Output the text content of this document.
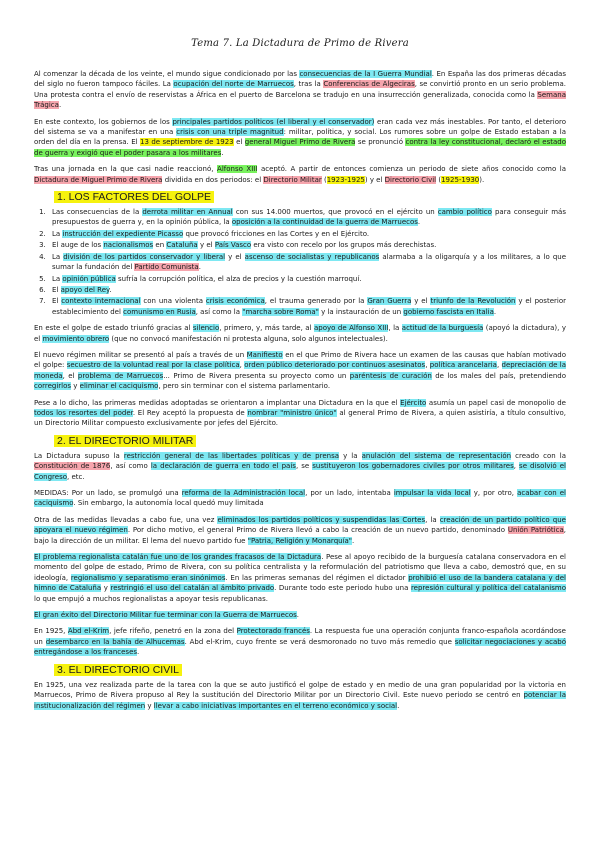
Tema 7. La Dictadura de Primo de Rivera

Al comenzar la década de los veinte, el mundo sigue condicionado por las consecuencias de la I Guerra Mundial. En España las dos primeras décadas del siglo no fueron tampoco fáciles. La ocupación del norte de Marruecos, tras la Conferencias de Algeciras, se convirtió pronto en un serio problema. Una protesta contra el envío de reservistas a África en el puerto de Barcelona se tradujo en una insurrección generalizada, conocida como la Semana Trágica.

En este contexto, los gobiernos de los principales partidos políticos (el liberal y el conservador) eran cada vez más inestables. Por tanto, el deterioro del sistema se va a manifestar en una crisis con una triple magnitud: militar, política, y social. Los rumores sobre un golpe de Estado estaban a la orden del día en la prensa. El 13 de septiembre de 1923 el general Miguel Primo de Rivera se pronunció contra la ley constitucional, declaró el estado de guerra y exigió que el poder pasara a los militares.

Tras una jornada en la que casi nadie reaccionó, Alfonso XIII aceptó. A partir de entonces comienza un periodo de siete años conocido como la Dictadura de Miguel Primo de Rivera dividida en dos periodos: el Directorio Militar (1923-1925) y el Directorio Civil (1925-1930).

1. LOS FACTORES DEL GOLPE
1. Las consecuencias de la derrota militar en Annual con sus 14.000 muertos, que provocó en el ejército un cambio político para conseguir más presupuestos de guerra y, en la opinión pública, la oposición a la continuidad de la guerra de Marruecos.
2. La instrucción del expediente Picasso que provocó fricciones en las Cortes y en el Ejército.
3. El auge de los nacionalismos en Cataluña y el País Vasco era visto con recelo por los grupos más derechistas.
4. La división de los partidos conservador y liberal y el ascenso de socialistas y republicanos alarmaba a la oligarquía y a los militares, a lo que sumar la fundación del Partido Comunista.
5. La opinión pública sufría la corrupción política, el alza de precios y la cuestión marroquí.
6. El apoyo del Rey.
7. El contexto internacional con una violenta crisis económica, el trauma generado por la Gran Guerra y el triunfo de la Revolución y el posterior establecimiento del comunismo en Rusia, así como la "marcha sobre Roma" y la instauración de un gobierno fascista en Italia.

En este el golpe de estado triunfó gracias al silencio, primero, y, más tarde, al apoyo de Alfonso XIII, la actitud de la burguesía (apoyó la dictadura), y el movimiento obrero (que no convocó manifestación ni protesta alguna, solo algunos intelectuales).

El nuevo régimen militar se presentó al país a través de un Manifiesto en el que Primo de Rivera hace un examen de las causas que habían motivado el golpe: secuestro de la voluntad real por la clase política, orden público deteriorado por continuos asesinatos, política arancelaria, depreciación de la moneda, el problema de Marruecos... Primo de Rivera presenta su proyecto como un paréntesis de curación de los males del país, pretendiendo corregirlos y eliminar el caciquismo, pero sin terminar con el sistema parlamentario.

Pese a lo dicho, las primeras medidas adoptadas se orientaron a implantar una Dictadura en la que el Ejército asumía un papel casi de monopolio de todos los resortes del poder. El Rey aceptó la propuesta de nombrar "ministro único" al general Primo de Rivera, a quien asistiría, a título consultivo, un Directorio Militar compuesto exclusivamente por jefes del Ejército.

2. EL DIRECTORIO MILITAR

La Dictadura supuso la restricción general de las libertades políticas y de prensa y la anulación del sistema de representación creado con la Constitución de 1876, así como la declaración de guerra en todo el país, se sustituyeron los gobernadores civiles por otros militares, se disolvió el Congreso, etc.

MEDIDAS: Por un lado, se promulgó una reforma de la Administración local, por un lado, intentaba impulsar la vida local y, por otro, acabar con el caciquismo. Sin embargo, la autonomía local quedó muy limitada

Otra de las medidas llevadas a cabo fue, una vez eliminados los partidos políticos y suspendidas las Cortes, la creación de un partido político que apoyara el nuevo régimen. Por dicho motivo, el general Primo de Rivera llevó a cabo la creación de un nuevo partido, denominado Unión Patriótica, bajo la dirección de un militar. El lema del nuevo partido fue "Patria, Religión y Monarquía".

El problema regionalista catalán fue uno de los grandes fracasos de la Dictadura. Pese al apoyo recibido de la burguesía catalana conservadora en el momento del golpe de estado, Primo de Rivera, con su política centralista y la reformulación del patriotismo que lleva a cabo, demostró que, en su ideología, regionalismo y separatismo eran sinónimos. En las primeras semanas del régimen el dictador prohibió el uso de la bandera catalana y del himno de Cataluña y restringió el uso del catalán al ámbito privado. Durante todo este periodo hubo una represión cultural y política del catalanismo lo que empujó a muchos regionalistas a apoyar tesis republicanas.

El gran éxito del Directorio Militar fue terminar con la Guerra de Marruecos.

En 1925, Abd el-Krim, jefe rifeño, penetró en la zona del Protectorado francés. La respuesta fue una operación conjunta franco-española acordándose un desembarco en la bahía de Alhucemas. Abd el-Krim, cuyo frente se verá desmoronado no tuvo más remedio que solicitar negociaciones y acabó entregándose a los franceses.

3. EL DIRECTORIO CIVIL

En 1925, una vez realizada parte de la tarea con la que se auto justificó el golpe de estado y en medio de una gran popularidad por la victoria en Marruecos, Primo de Rivera propuso al Rey la sustitución del Directorio Militar por un Directorio Civil. Este nuevo periodo se centró en potenciar la institucionalización del régimen y llevar a cabo iniciativas importantes en el terreno económico y social.
